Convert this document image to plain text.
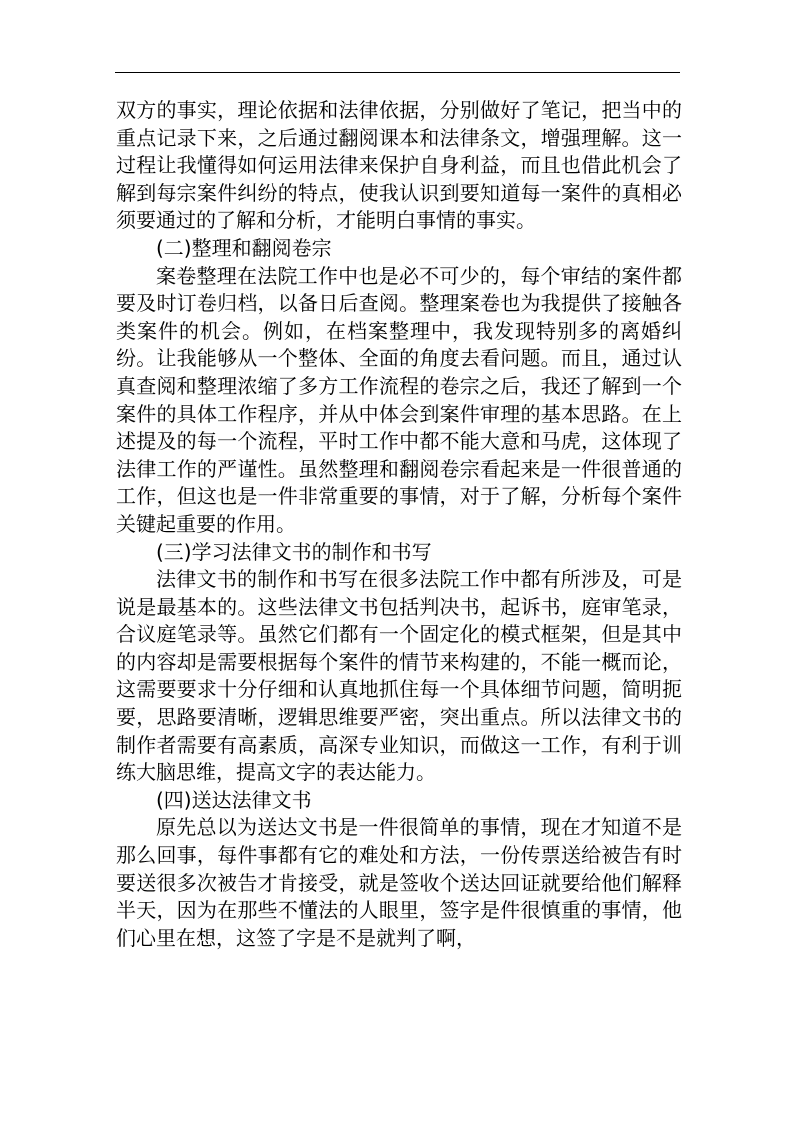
双方的事实，理论依据和法律依据，分别做好了笔记，把当中的重点记录下来，之后通过翻阅课本和法律条文，增强理解。这一过程让我懂得如何运用法律来保护自身利益，而且也借此机会了解到每宗案件纠纷的特点，使我认识到要知道每一案件的真相必须要通过的了解和分析，才能明白事情的事实。

(二)整理和翻阅卷宗

案卷整理在法院工作中也是必不可少的，每个审结的案件都要及时订卷归档，以备日后查阅。整理案卷也为我提供了接触各类案件的机会。例如，在档案整理中，我发现特别多的离婚纠纷。让我能够从一个整体、全面的角度去看问题。而且，通过认真查阅和整理浓缩了多方工作流程的卷宗之后，我还了解到一个案件的具体工作程序，并从中体会到案件审理的基本思路。在上述提及的每一个流程，平时工作中都不能大意和马虎，这体现了法律工作的严谨性。虽然整理和翻阅卷宗看起来是一件很普通的工作，但这也是一件非常重要的事情，对于了解，分析每个案件关键起重要的作用。

(三)学习法律文书的制作和书写

法律文书的制作和书写在很多法院工作中都有所涉及，可是说是最基本的。这些法律文书包括判决书，起诉书，庭审笔录，合议庭笔录等。虽然它们都有一个固定化的模式框架，但是其中的内容却是需要根据每个案件的情节来构建的，不能一概而论，这需要要求十分仔细和认真地抓住每一个具体细节问题，简明扼要，思路要清晰，逻辑思维要严密，突出重点。所以法律文书的制作者需要有高素质，高深专业知识，而做这一工作，有利于训练大脑思维，提高文字的表达能力。

(四)送达法律文书

原先总以为送达文书是一件很简单的事情，现在才知道不是那么回事，每件事都有它的难处和方法，一份传票送给被告有时要送很多次被告才肯接受，就是签收个送达回证就要给他们解释半天，因为在那些不懂法的人眼里，签字是件很慎重的事情，他们心里在想，这签了字是不是就判了啊，
